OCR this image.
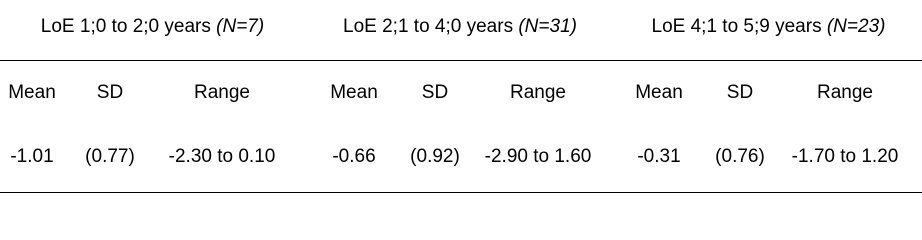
LoE 1;0 to 2;0 years (N=7)	LoE 2;1 to 4;0 years (N=31)	LoE 4;1 to 5;9 years (N=23)
Mean	SD	Range	Mean	SD	Range	Mean	SD	Range
-1.01	(0.77)	-2.30 to 0.10	-0.66	(0.92)	-2.90 to 1.60	-0.31	(0.76)	-1.70 to 1.20
